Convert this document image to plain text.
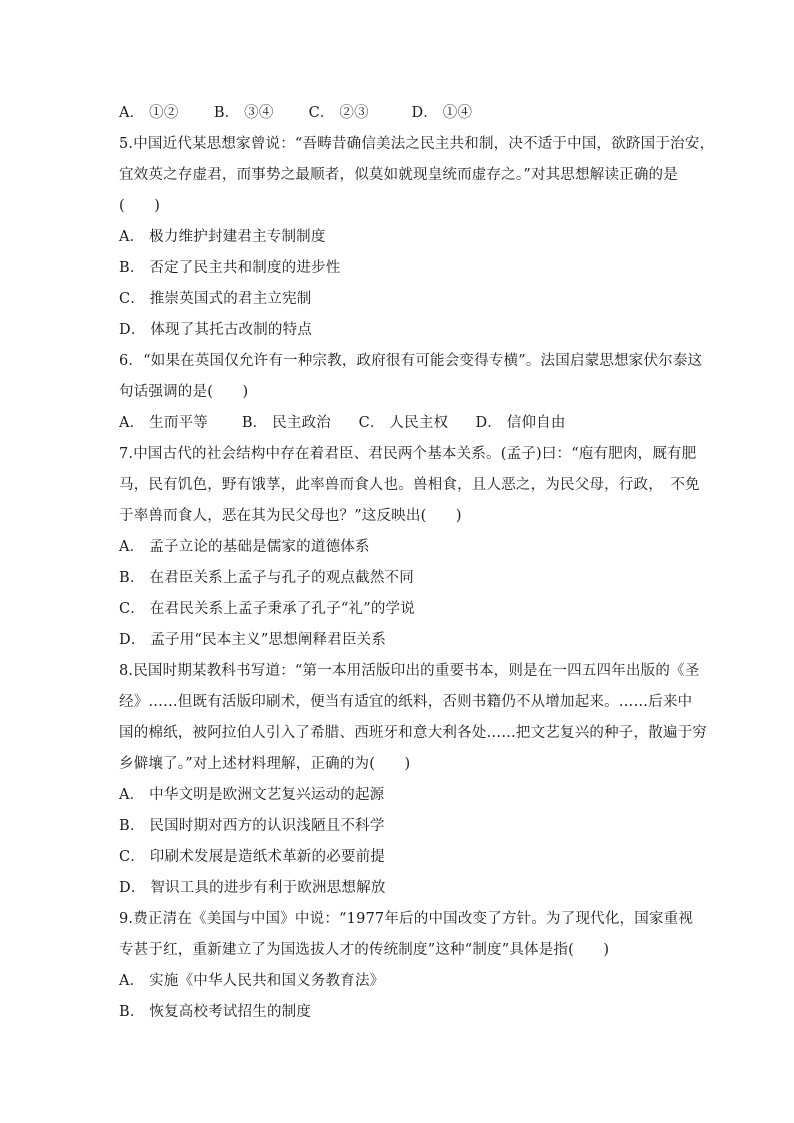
A． ①② B． ③④ C． ②③	D． ①④
5.中国近代某思想家曾说：“吾畴昔确信美法之民主共和制，决不适于中国，欲跻国于治安，
宜效英之存虚君，而事势之最顺者，似莫如就现皇统而虚存之。”对其思想解读正确的是
(　　)
A． 极力维护封建君主专制制度
B． 否定了民主共和制度的进步性
C． 推崇英国式的君主立宪制
D． 体现了其托古改制的特点
6．“如果在英国仅允许有一种宗教，政府很有可能会变得专横”。法国启蒙思想家伏尔泰这
句话强调的是(　　)
A． 生而平等 B． 民主政治 C． 人民主权 D． 信仰自由
7.中国古代的社会结构中存在着君臣、君民两个基本关系。(孟子)曰：“庖有肥肉，厩有肥
马，民有饥色，野有饿莩，此率兽而食人也。兽相食，且人恶之，为民父母，行政，　不免
于率兽而食人，恶在其为民父母也？”这反映出(　　)
A． 孟子立论的基础是儒家的道德体系
B． 在君臣关系上孟子与孔子的观点截然不同
C． 在君民关系上孟子秉承了孔子“礼”的学说
D． 孟子用“民本主义”思想阐释君臣关系
8.民国时期某教科书写道：“第一本用活版印出的重要书本，则是在一四五四年出版的《圣
经》……但既有活版印刷术，便当有适宜的纸料，否则书籍仍不从增加起来。……后来中
国的棉纸，被阿拉伯人引入了希腊、西班牙和意大利各处……把文艺复兴的种子，散遍于穷
乡僻壤了。”对上述材料理解，正确的为(　　)
A． 中华文明是欧洲文艺复兴运动的起源
B． 民国时期对西方的认识浅陋且不科学
C． 印刷术发展是造纸术革新的必要前提
D． 智识工具的进步有利于欧洲思想解放
9.费正清在《美国与中国》中说：“1977年后的中国改变了方针。为了现代化，国家重视
专甚于红，重新建立了为国选拔人才的传统制度”这种“制度”具体是指(　　)
A． 实施《中华人民共和国义务教育法》
B． 恢复高校考试招生的制度
